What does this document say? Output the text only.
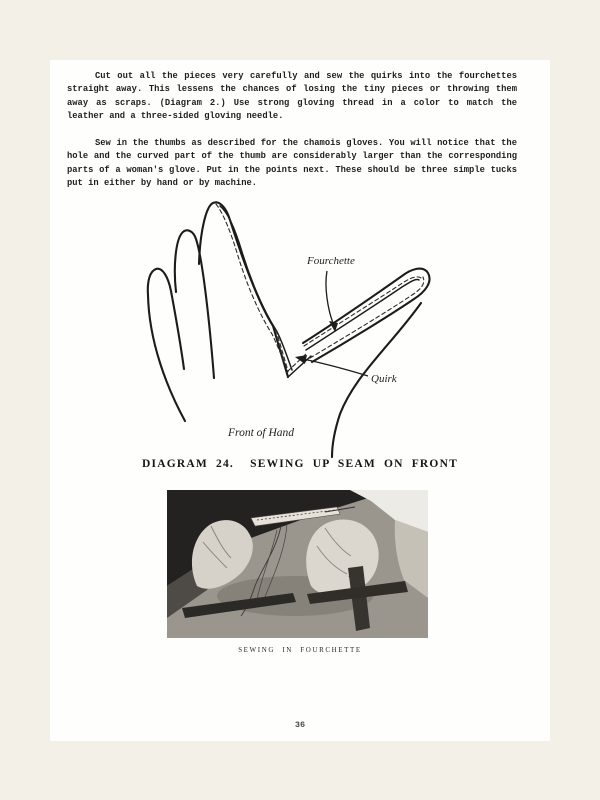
Cut out all the pieces very carefully and sew the quirks into the fourchettes
straight away. This lessens the chances of losing the tiny pieces or throwing them
away as scraps. (Diagram 2.) Use strong gloving thread in a color to match the
leather and a three-sided gloving needle.
Sew in the thumbs as described for the chamois gloves. You will notice that the
hole and the curved part of the thumb are considerably larger than the corresponding
parts of a woman's glove. Put in the points next. These should be three simple tucks
put in either by hand or by machine.
Fourchette
Quirk
Front of Hand
DIAGRAM 24.  SEWING UP SEAM ON FRONT
SEWING IN FOURCHETTE
36
